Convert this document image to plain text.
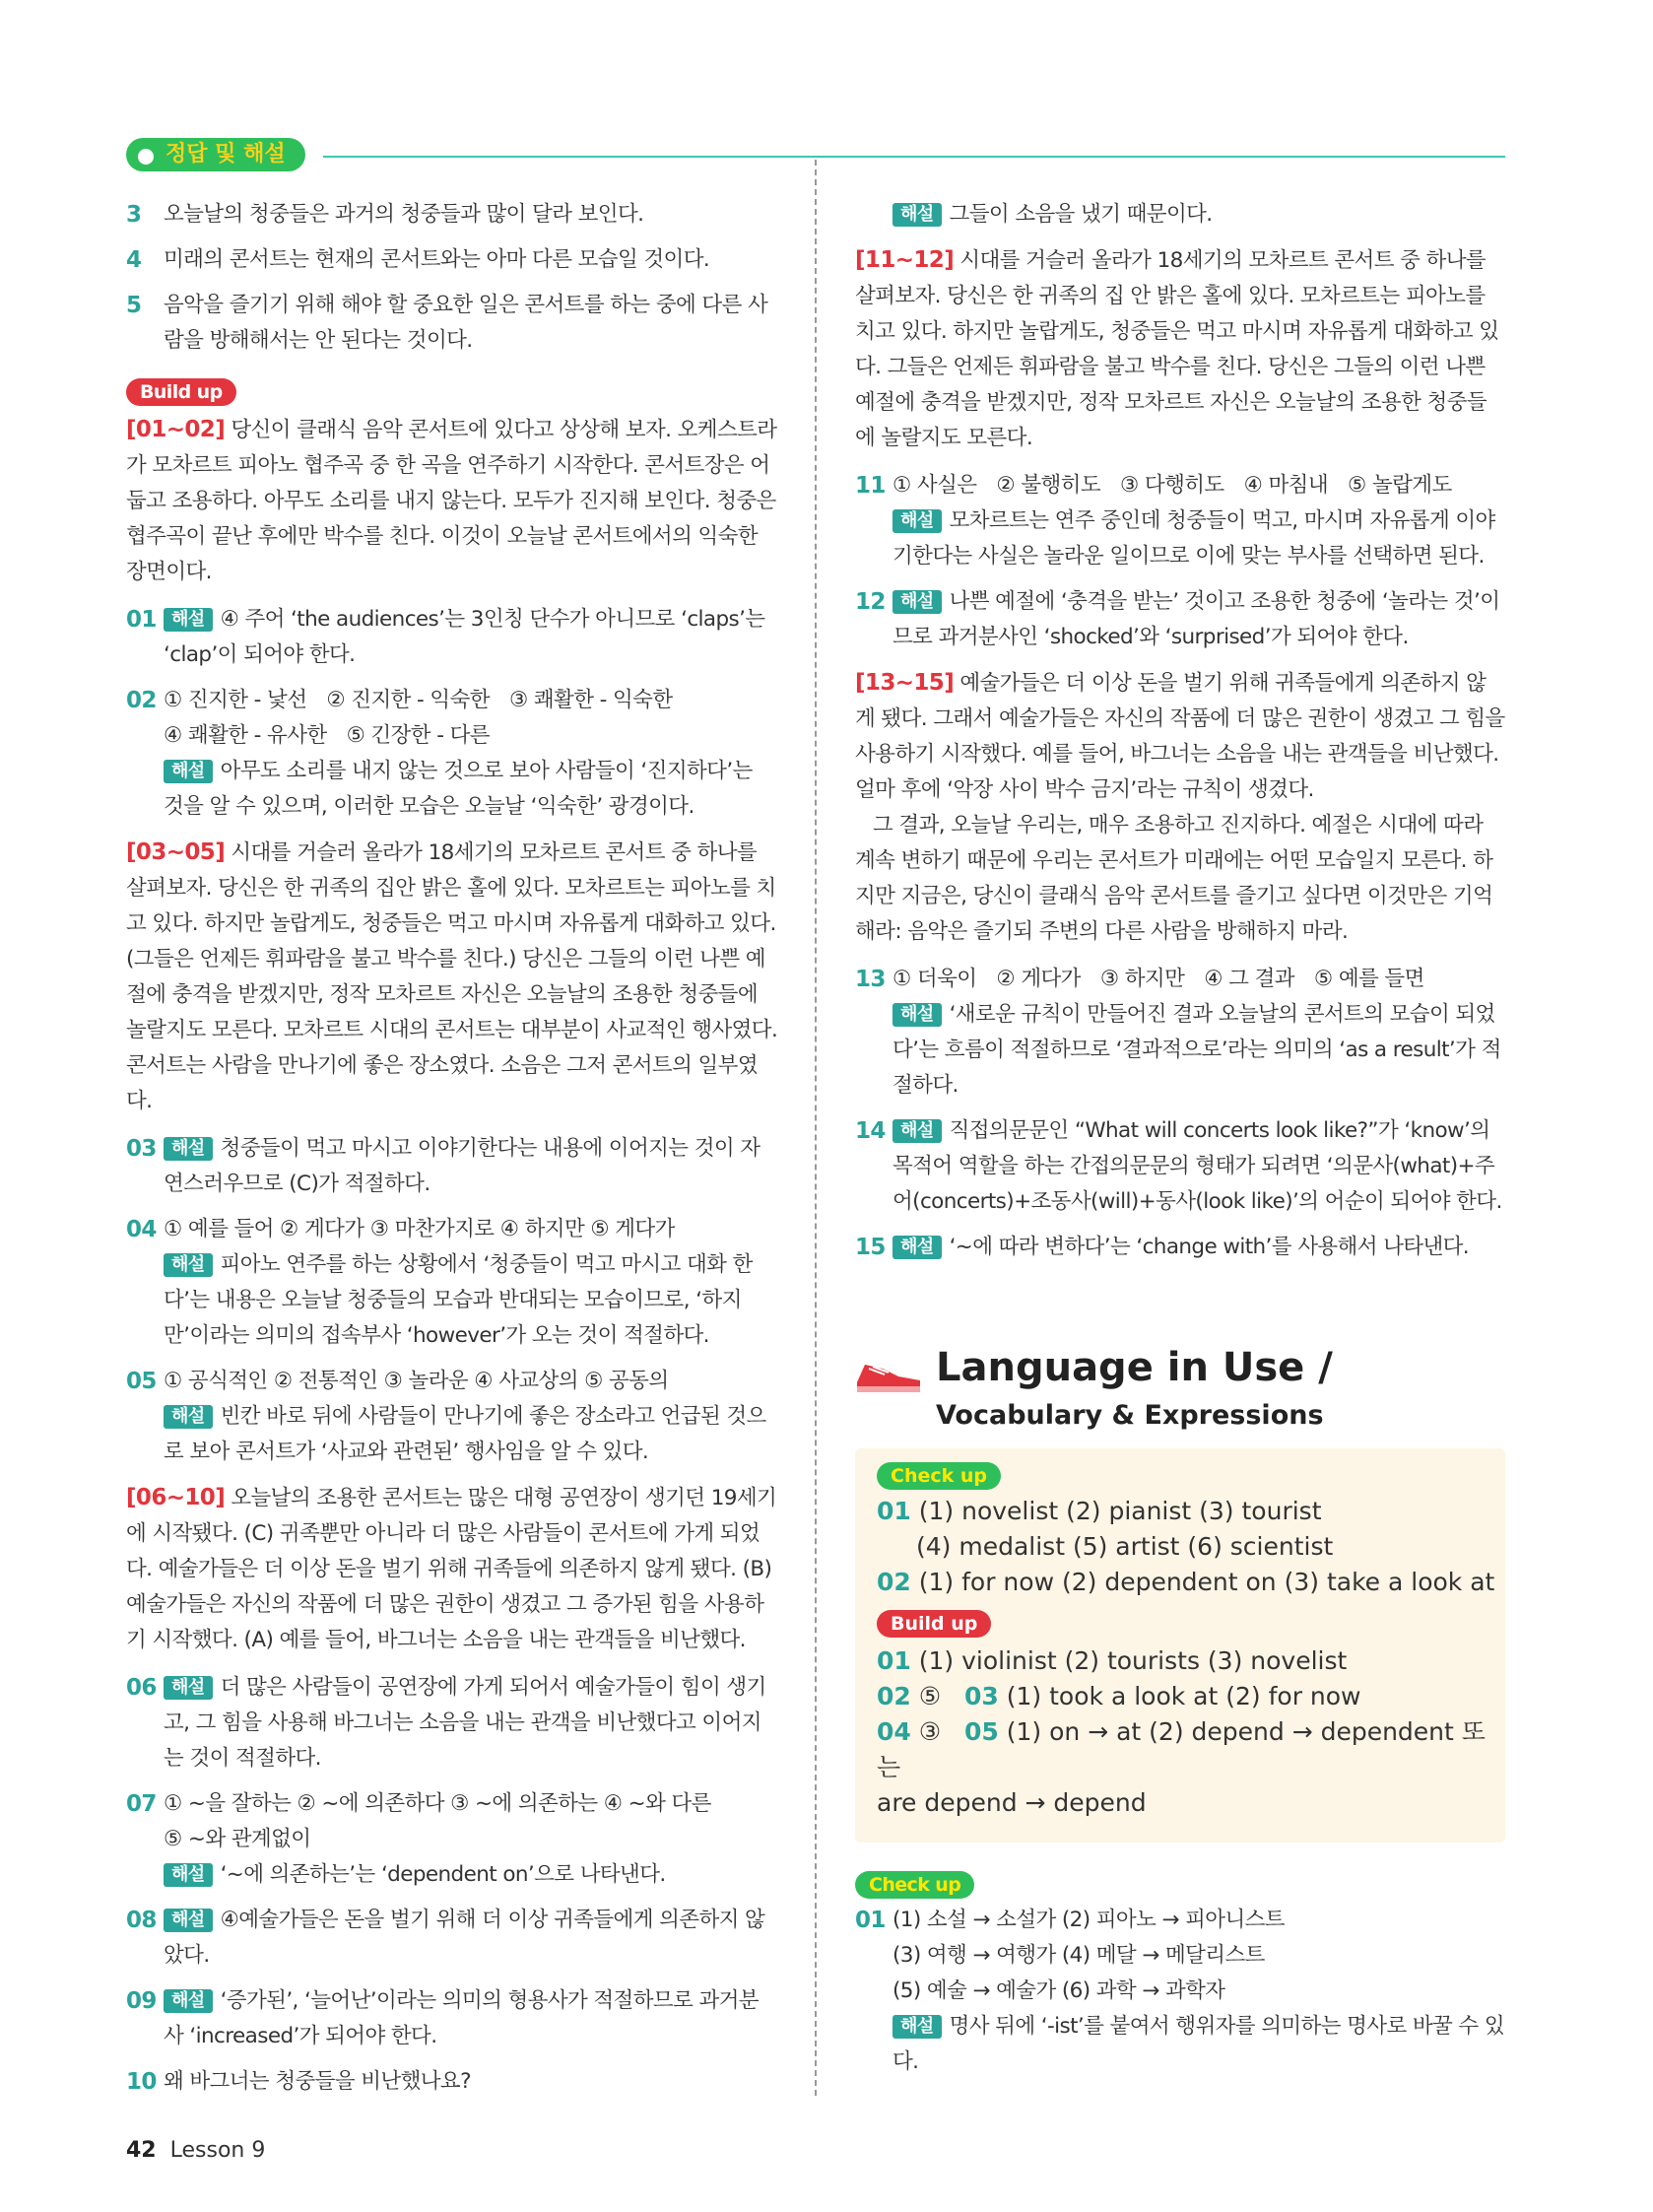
정답 및 해설
3 오늘날의 청중들은 과거의 청중들과 많이 달라 보인다.
4 미래의 콘서트는 현재의 콘서트와는 아마 다른 모습일 것이다.
5 음악을 즐기기 위해 해야 할 중요한 일은 콘서트를 하는 중에 다른 사람을 방해해서는 안 된다는 것이다.
Build up
[01~02] 당신이 클래식 음악 콘서트에 있다고 상상해 보자. 오케스트라가 모차르트 피아노 협주곡 중 한 곡을 연주하기 시작한다. 콘서트장은 어둡고 조용하다. 아무도 소리를 내지 않는다. 모두가 진지해 보인다. 청중은 협주곡이 끝난 후에만 박수를 친다. 이것이 오늘날 콘서트에서의 익숙한 장면이다.
01 해설 ④ 주어 ‘the audiences’는 3인칭 단수가 아니므로 ‘claps’는 ‘clap’이 되어야 한다.
02 ① 진지한 - 낯선 ② 진지한 - 익숙한 ③ 쾌활한 - 익숙한
④ 쾌활한 - 유사한 ⑤ 긴장한 - 다른
해설 아무도 소리를 내지 않는 것으로 보아 사람들이 ‘진지하다’는 것을 알 수 있으며, 이러한 모습은 오늘날 ‘익숙한’ 광경이다.
[03~05] 시대를 거슬러 올라가 18세기의 모차르트 콘서트 중 하나를 살펴보자. 당신은 한 귀족의 집안 밝은 홀에 있다. 모차르트는 피아노를 치고 있다. 하지만 놀랍게도, 청중들은 먹고 마시며 자유롭게 대화하고 있다. (그들은 언제든 휘파람을 불고 박수를 친다.) 당신은 그들의 이런 나쁜 예절에 충격을 받겠지만, 정작 모차르트 자신은 오늘날의 조용한 청중들에 놀랄지도 모른다. 모차르트 시대의 콘서트는 대부분이 사교적인 행사였다. 콘서트는 사람을 만나기에 좋은 장소였다. 소음은 그저 콘서트의 일부였다.
03 해설 청중들이 먹고 마시고 이야기한다는 내용에 이어지는 것이 자연스러우므로 (C)가 적절하다.
04 ① 예를 들어 ② 게다가 ③ 마찬가지로 ④ 하지만 ⑤ 게다가
해설 피아노 연주를 하는 상황에서 ‘청중들이 먹고 마시고 대화 한다’는 내용은 오늘날 청중들의 모습과 반대되는 모습이므로, ‘하지만’이라는 의미의 접속부사 ‘however’가 오는 것이 적절하다.
05 ① 공식적인 ② 전통적인 ③ 놀라운 ④ 사교상의 ⑤ 공동의
해설 빈칸 바로 뒤에 사람들이 만나기에 좋은 장소라고 언급된 것으로 보아 콘서트가 ‘사교와 관련된’ 행사임을 알 수 있다.
[06~10] 오늘날의 조용한 콘서트는 많은 대형 공연장이 생기던 19세기에 시작됐다. (C) 귀족뿐만 아니라 더 많은 사람들이 콘서트에 가게 되었다. 예술가들은 더 이상 돈을 벌기 위해 귀족들에 의존하지 않게 됐다. (B) 예술가들은 자신의 작품에 더 많은 권한이 생겼고 그 증가된 힘을 사용하기 시작했다. (A) 예를 들어, 바그너는 소음을 내는 관객들을 비난했다.
06 해설 더 많은 사람들이 공연장에 가게 되어서 예술가들이 힘이 생기고, 그 힘을 사용해 바그너는 소음을 내는 관객을 비난했다고 이어지는 것이 적절하다.
07 ① ~을 잘하는 ② ~에 의존하다 ③ ~에 의존하는 ④ ~와 다른
⑤ ~와 관계없이
해설 ‘~에 의존하는’는 ‘dependent on’으로 나타낸다.
08 해설 ④예술가들은 돈을 벌기 위해 더 이상 귀족들에게 의존하지 않았다.
09 해설 ‘증가된’, ‘늘어난’이라는 의미의 형용사가 적절하므로 과거분사 ‘increased’가 되어야 한다.
10 왜 바그너는 청중들을 비난했나요?
해설 그들이 소음을 냈기 때문이다.
[11~12] 시대를 거슬러 올라가 18세기의 모차르트 콘서트 중 하나를 살펴보자. 당신은 한 귀족의 집 안 밝은 홀에 있다. 모차르트는 피아노를 치고 있다. 하지만 놀랍게도, 청중들은 먹고 마시며 자유롭게 대화하고 있다. 그들은 언제든 휘파람을 불고 박수를 친다. 당신은 그들의 이런 나쁜 예절에 충격을 받겠지만, 정작 모차르트 자신은 오늘날의 조용한 청중들에 놀랄지도 모른다.
11 ① 사실은 ② 불행히도 ③ 다행히도 ④ 마침내 ⑤ 놀랍게도
해설 모차르트는 연주 중인데 청중들이 먹고, 마시며 자유롭게 이야기한다는 사실은 놀라운 일이므로 이에 맞는 부사를 선택하면 된다.
12 해설 나쁜 예절에 ‘충격을 받는’ 것이고 조용한 청중에 ‘놀라는 것’이므로 과거분사인 ‘shocked’와 ‘surprised’가 되어야 한다.
[13~15] 예술가들은 더 이상 돈을 벌기 위해 귀족들에게 의존하지 않게 됐다. 그래서 예술가들은 자신의 작품에 더 많은 권한이 생겼고 그 힘을 사용하기 시작했다. 예를 들어, 바그너는 소음을 내는 관객들을 비난했다. 얼마 후에 ‘악장 사이 박수 금지’라는 규칙이 생겼다.
그 결과, 오늘날 우리는, 매우 조용하고 진지하다. 예절은 시대에 따라 계속 변하기 때문에 우리는 콘서트가 미래에는 어떤 모습일지 모른다. 하지만 지금은, 당신이 클래식 음악 콘서트를 즐기고 싶다면 이것만은 기억해라: 음악은 즐기되 주변의 다른 사람을 방해하지 마라.
13 ① 더욱이 ② 게다가 ③ 하지만 ④ 그 결과 ⑤ 예를 들면
해설 ‘새로운 규칙이 만들어진 결과 오늘날의 콘서트의 모습이 되었다’는 흐름이 적절하므로 ‘결과적으로’라는 의미의 ‘as a result’가 적절하다.
14 해설 직접의문문인 “What will concerts look like?”가 ‘know’의 목적어 역할을 하는 간접의문문의 형태가 되려면 ‘의문사(what)+주어(concerts)+조동사(will)+동사(look like)’의 어순이 되어야 한다.
15 해설 ‘~에 따라 변하다’는 ‘change with’를 사용해서 나타낸다.
Language in Use /
Vocabulary & Expressions
Check up
01 (1) novelist (2) pianist (3) tourist
(4) medalist (5) artist (6) scientist
02 (1) for now (2) dependent on (3) take a look at
Build up
01 (1) violinist (2) tourists (3) novelist
02 ⑤ 03 (1) took a look at (2) for now
04 ③ 05 (1) on → at (2) depend → dependent 또는
are depend → depend
Check up
01 (1) 소설 → 소설가 (2) 피아노 → 피아니스트
(3) 여행 → 여행가 (4) 메달 → 메달리스트
(5) 예술 → 예술가 (6) 과학 → 과학자
해설 명사 뒤에 ‘-ist’를 붙여서 행위자를 의미하는 명사로 바꿀 수 있다.
42 Lesson 9
